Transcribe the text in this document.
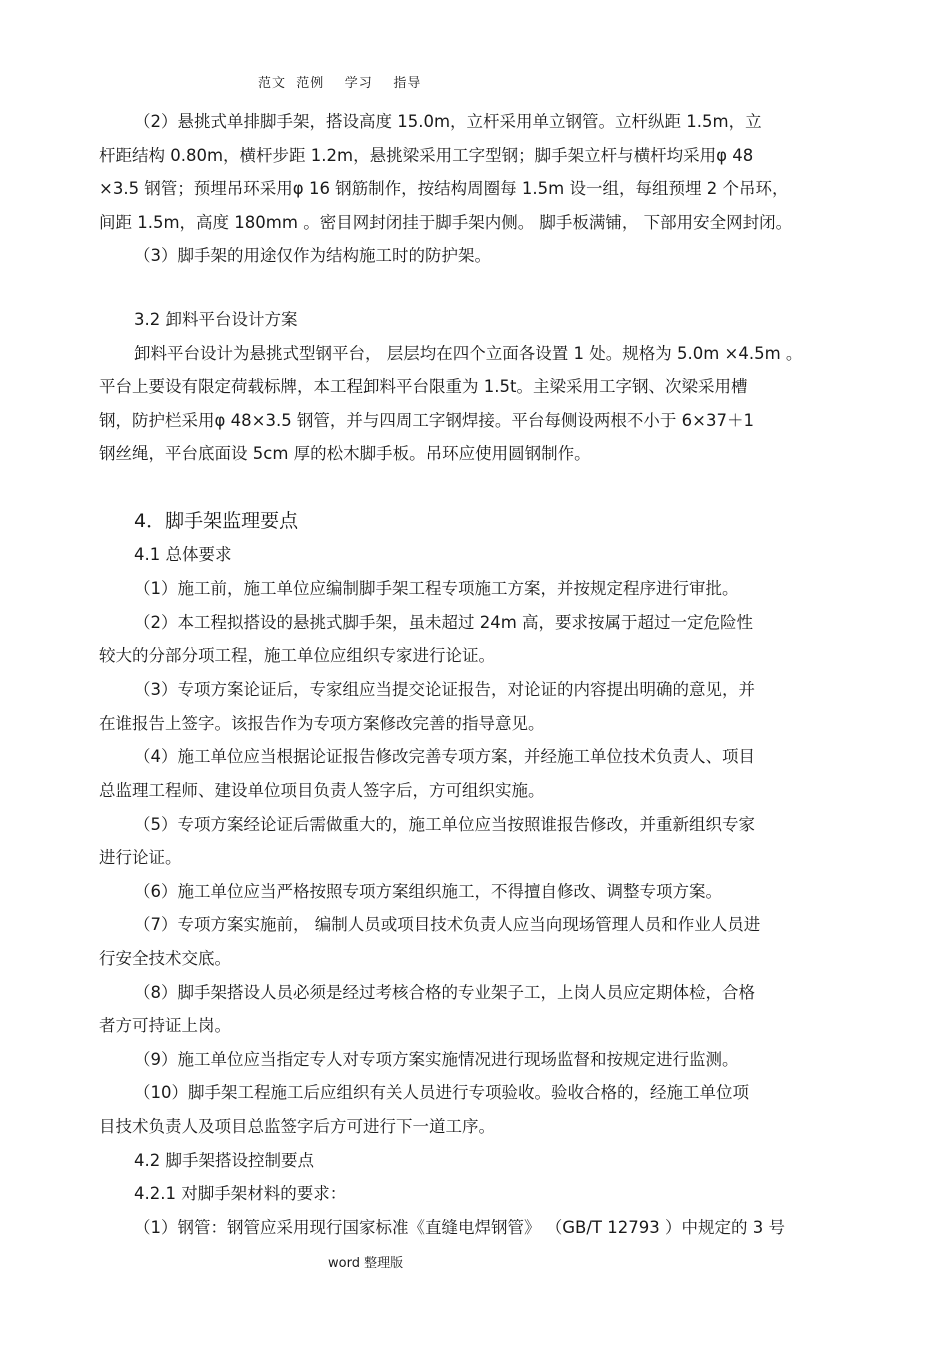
范文  范例    学习    指导
（2）悬挑式单排脚手架，搭设高度 15.0m，立杆采用单立钢管。立杆纵距 1.5m，立
杆距结构 0.80m，横杆步距 1.2m，悬挑梁采用工字型钢；脚手架立杆与横杆均采用φ 48
×3.5 钢管；预埋吊环采用φ 16 钢筋制作，按结构周圈每 1.5m 设一组，每组预埋 2 个吊环，
间距 1.5m，高度 180mm 。密目网封闭挂于脚手架内侧。 脚手板满铺， 下部用安全网封闭。
（3）脚手架的用途仅作为结构施工时的防护架。
3.2 卸料平台设计方案
卸料平台设计为悬挑式型钢平台， 层层均在四个立面各设置 1 处。规格为 5.0m ×4.5m 。
平台上要设有限定荷载标牌，本工程卸料平台限重为 1.5t。主梁采用工字钢、次梁采用槽
钢，防护栏采用φ 48×3.5 钢管，并与四周工字钢焊接。平台每侧设两根不小于 6×37＋1
钢丝绳，平台底面设 5cm 厚的松木脚手板。吊环应使用圆钢制作。
4．脚手架监理要点
4.1 总体要求
（1）施工前，施工单位应编制脚手架工程专项施工方案，并按规定程序进行审批。
（2）本工程拟搭设的悬挑式脚手架，虽未超过 24m 高，要求按属于超过一定危险性
较大的分部分项工程，施工单位应组织专家进行论证。
（3）专项方案论证后，专家组应当提交论证报告，对论证的内容提出明确的意见，并
在谁报告上签字。该报告作为专项方案修改完善的指导意见。
（4）施工单位应当根据论证报告修改完善专项方案，并经施工单位技术负责人、项目
总监理工程师、建设单位项目负责人签字后，方可组织实施。
（5）专项方案经论证后需做重大的，施工单位应当按照谁报告修改，并重新组织专家
进行论证。
（6）施工单位应当严格按照专项方案组织施工，不得擅自修改、调整专项方案。
（7）专项方案实施前， 编制人员或项目技术负责人应当向现场管理人员和作业人员进
行安全技术交底。
（8）脚手架搭设人员必须是经过考核合格的专业架子工，上岗人员应定期体检，合格
者方可持证上岗。
（9）施工单位应当指定专人对专项方案实施情况进行现场监督和按规定进行监测。
（10）脚手架工程施工后应组织有关人员进行专项验收。验收合格的，经施工单位项
目技术负责人及项目总监签字后方可进行下一道工序。
4.2 脚手架搭设控制要点
4.2.1 对脚手架材料的要求：
（1）钢管：钢管应采用现行国家标准《直缝电焊钢管》 （GB/T 12793 ）中规定的 3 号
word 整理版
